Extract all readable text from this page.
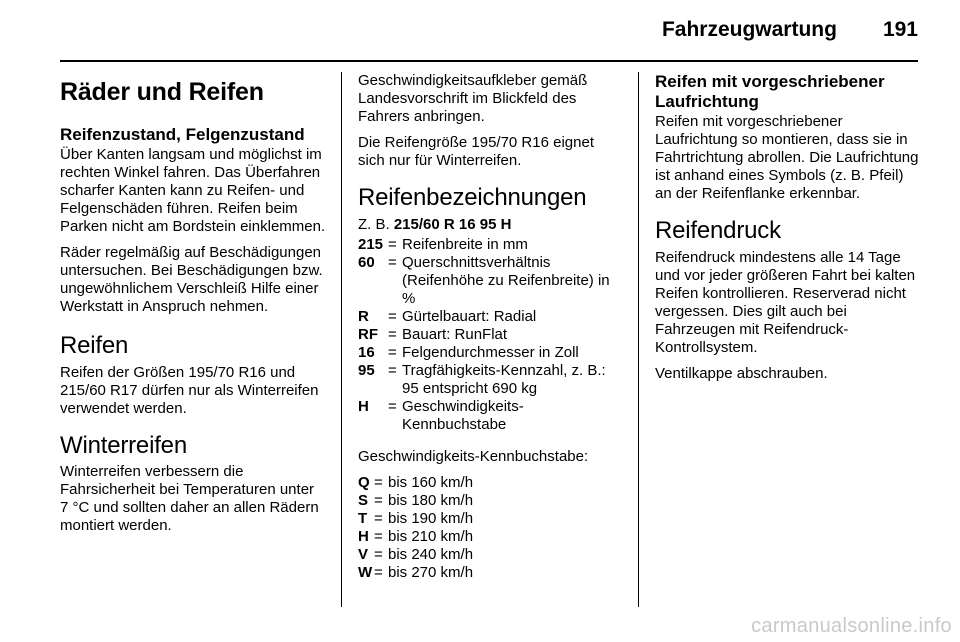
Fahrzeugwartung 191
Räder und Reifen
Reifenzustand, Felgenzustand

Über Kanten langsam und möglichst im rechten Winkel fahren. Das Überfahren scharfer Kanten kann zu Reifen- und Felgenschäden führen. Reifen beim Parken nicht am Bordstein einklemmen.

Räder regelmäßig auf Beschädigungen untersuchen. Bei Beschädigungen bzw. ungewöhnlichem Verschleiß Hilfe einer Werkstatt in Anspruch nehmen.

Reifen

Reifen der Größen 195/70 R16 und 215/60 R17 dürfen nur als Winterreifen verwendet werden.

Winterreifen

Winterreifen verbessern die Fahrsicherheit bei Temperaturen unter 7 °C und sollten daher an allen Rädern montiert werden.

Geschwindigkeitsaufkleber gemäß Landesvorschrift im Blickfeld des Fahrers anbringen.

Die Reifengröße 195/70 R16 eignet sich nur für Winterreifen.

Reifenbezeichnungen
Z. B. 215/60 R 16 95 H
215	=	Reifenbreite in mm
60	=	Querschnittsverhältnis (Reifenhöhe zu Reifenbreite) in %
R	=	Gürtelbauart: Radial
RF	=	Bauart: RunFlat
16	=	Felgendurchmesser in Zoll
95	=	Tragfähigkeits-Kennzahl, z. B.: 95 entspricht 690 kg
H	=	Geschwindigkeits-Kennbuchstabe

Geschwindigkeits-Kennbuchstabe:

Q	=	bis 160 km/h
S	=	bis 180 km/h
T	=	bis 190 km/h
H	=	bis 210 km/h
V	=	bis 240 km/h
W	=	bis 270 km/h
Reifen mit vorgeschriebener Laufrichtung

Reifen mit vorgeschriebener Laufrichtung so montieren, dass sie in Fahrtrichtung abrollen. Die Laufrichtung ist anhand eines Symbols (z. B. Pfeil) an der Reifenflanke erkennbar.

Reifendruck

Reifendruck mindestens alle 14 Tage und vor jeder größeren Fahrt bei kalten Reifen kontrollieren. Reserverad nicht vergessen. Dies gilt auch bei Fahrzeugen mit Reifendruck-Kontrollsystem.

Ventilkappe abschrauben.

carmanualsonline.info
